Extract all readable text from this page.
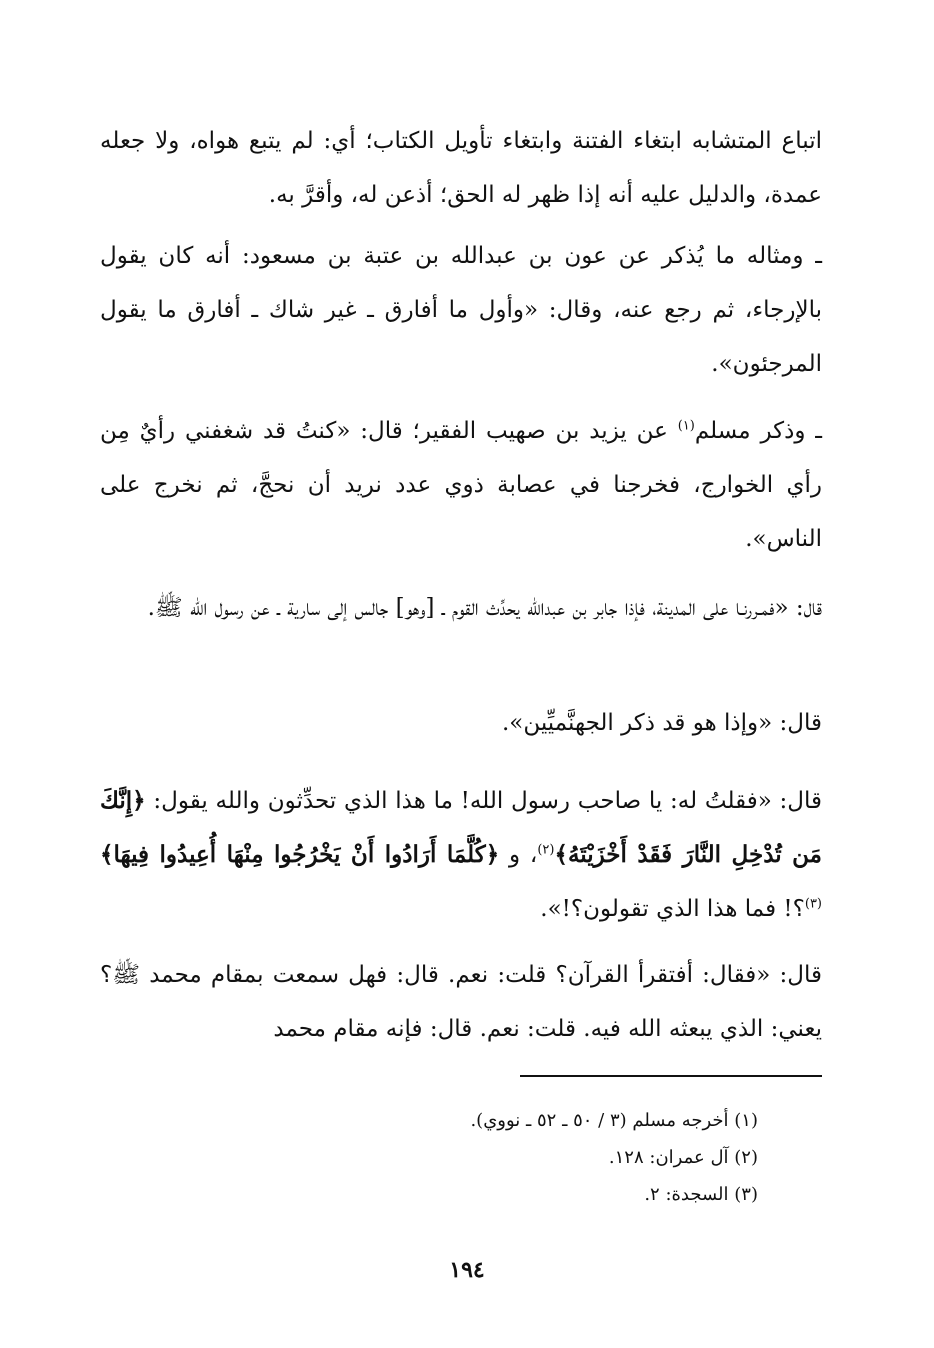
اتباع المتشابه ابتغاء الفتنة وابتغاء تأويل الكتاب؛ أي: لم يتبع هواه، ولا جعله عمدة، والدليل عليه أنه إذا ظهر له الحق؛ أذعن له، وأقرَّ به.

ـ ومثاله ما يُذكر عن عون بن عبدالله بن عتبة بن مسعود: أنه كان يقول بالإرجاء، ثم رجع عنه، وقال: «وأول ما أفارق ـ غير شاك ـ أفارق ما يقول المرجئون».

ـ وذكر مسلم$^{(١)}$ عن يزيد بن صهيب الفقير؛ قال: «كنتُ قد شغفني رأيٌ مِن رأي الخوارج، فخرجنا في عصابة ذوي عدد نريد أن نحجَّ، ثم نخرج على الناس».

قال: «فمـررنـا على المدينة، فإذا جابر بن عبدالله يحدِّث القوم ـ [وهو] جالس إلى سارية ـ عن رسول الله ﷺ.

قال: «وإذا هو قد ذكر الجهنَّميِّين».

قال: «فقلتُ له: يا صاحب رسول الله! ما هذا الذي تحدِّثون والله يقول: ﴿إِنَّكَ مَن تُدْخِلِ النَّارَ فَقَدْ أَخْزَيْتَهُ﴾$^{(٢)}$، و ﴿كُلَّمَا أَرَادُوا أَنْ يَخْرُجُوا مِنْهَا أُعِيدُوا فِيهَا﴾$^{(٣)}$؟! فما هذا الذي تقولون؟!».

قال: «فقال: أفتقرأ القرآن؟ قلت: نعم. قال: فهل سمعت بمقام محمد ﷺ؟ يعني: الذي يبعثه الله فيه. قلت: نعم. قال: فإنه مقام محمد

(١) أخرجه مسلم (٣ / ٥٠ ـ ٥٢ ـ نووي).
(٢) آل عمران: ١٢٨.
(٣) السجدة: ٢.
١٩٤
